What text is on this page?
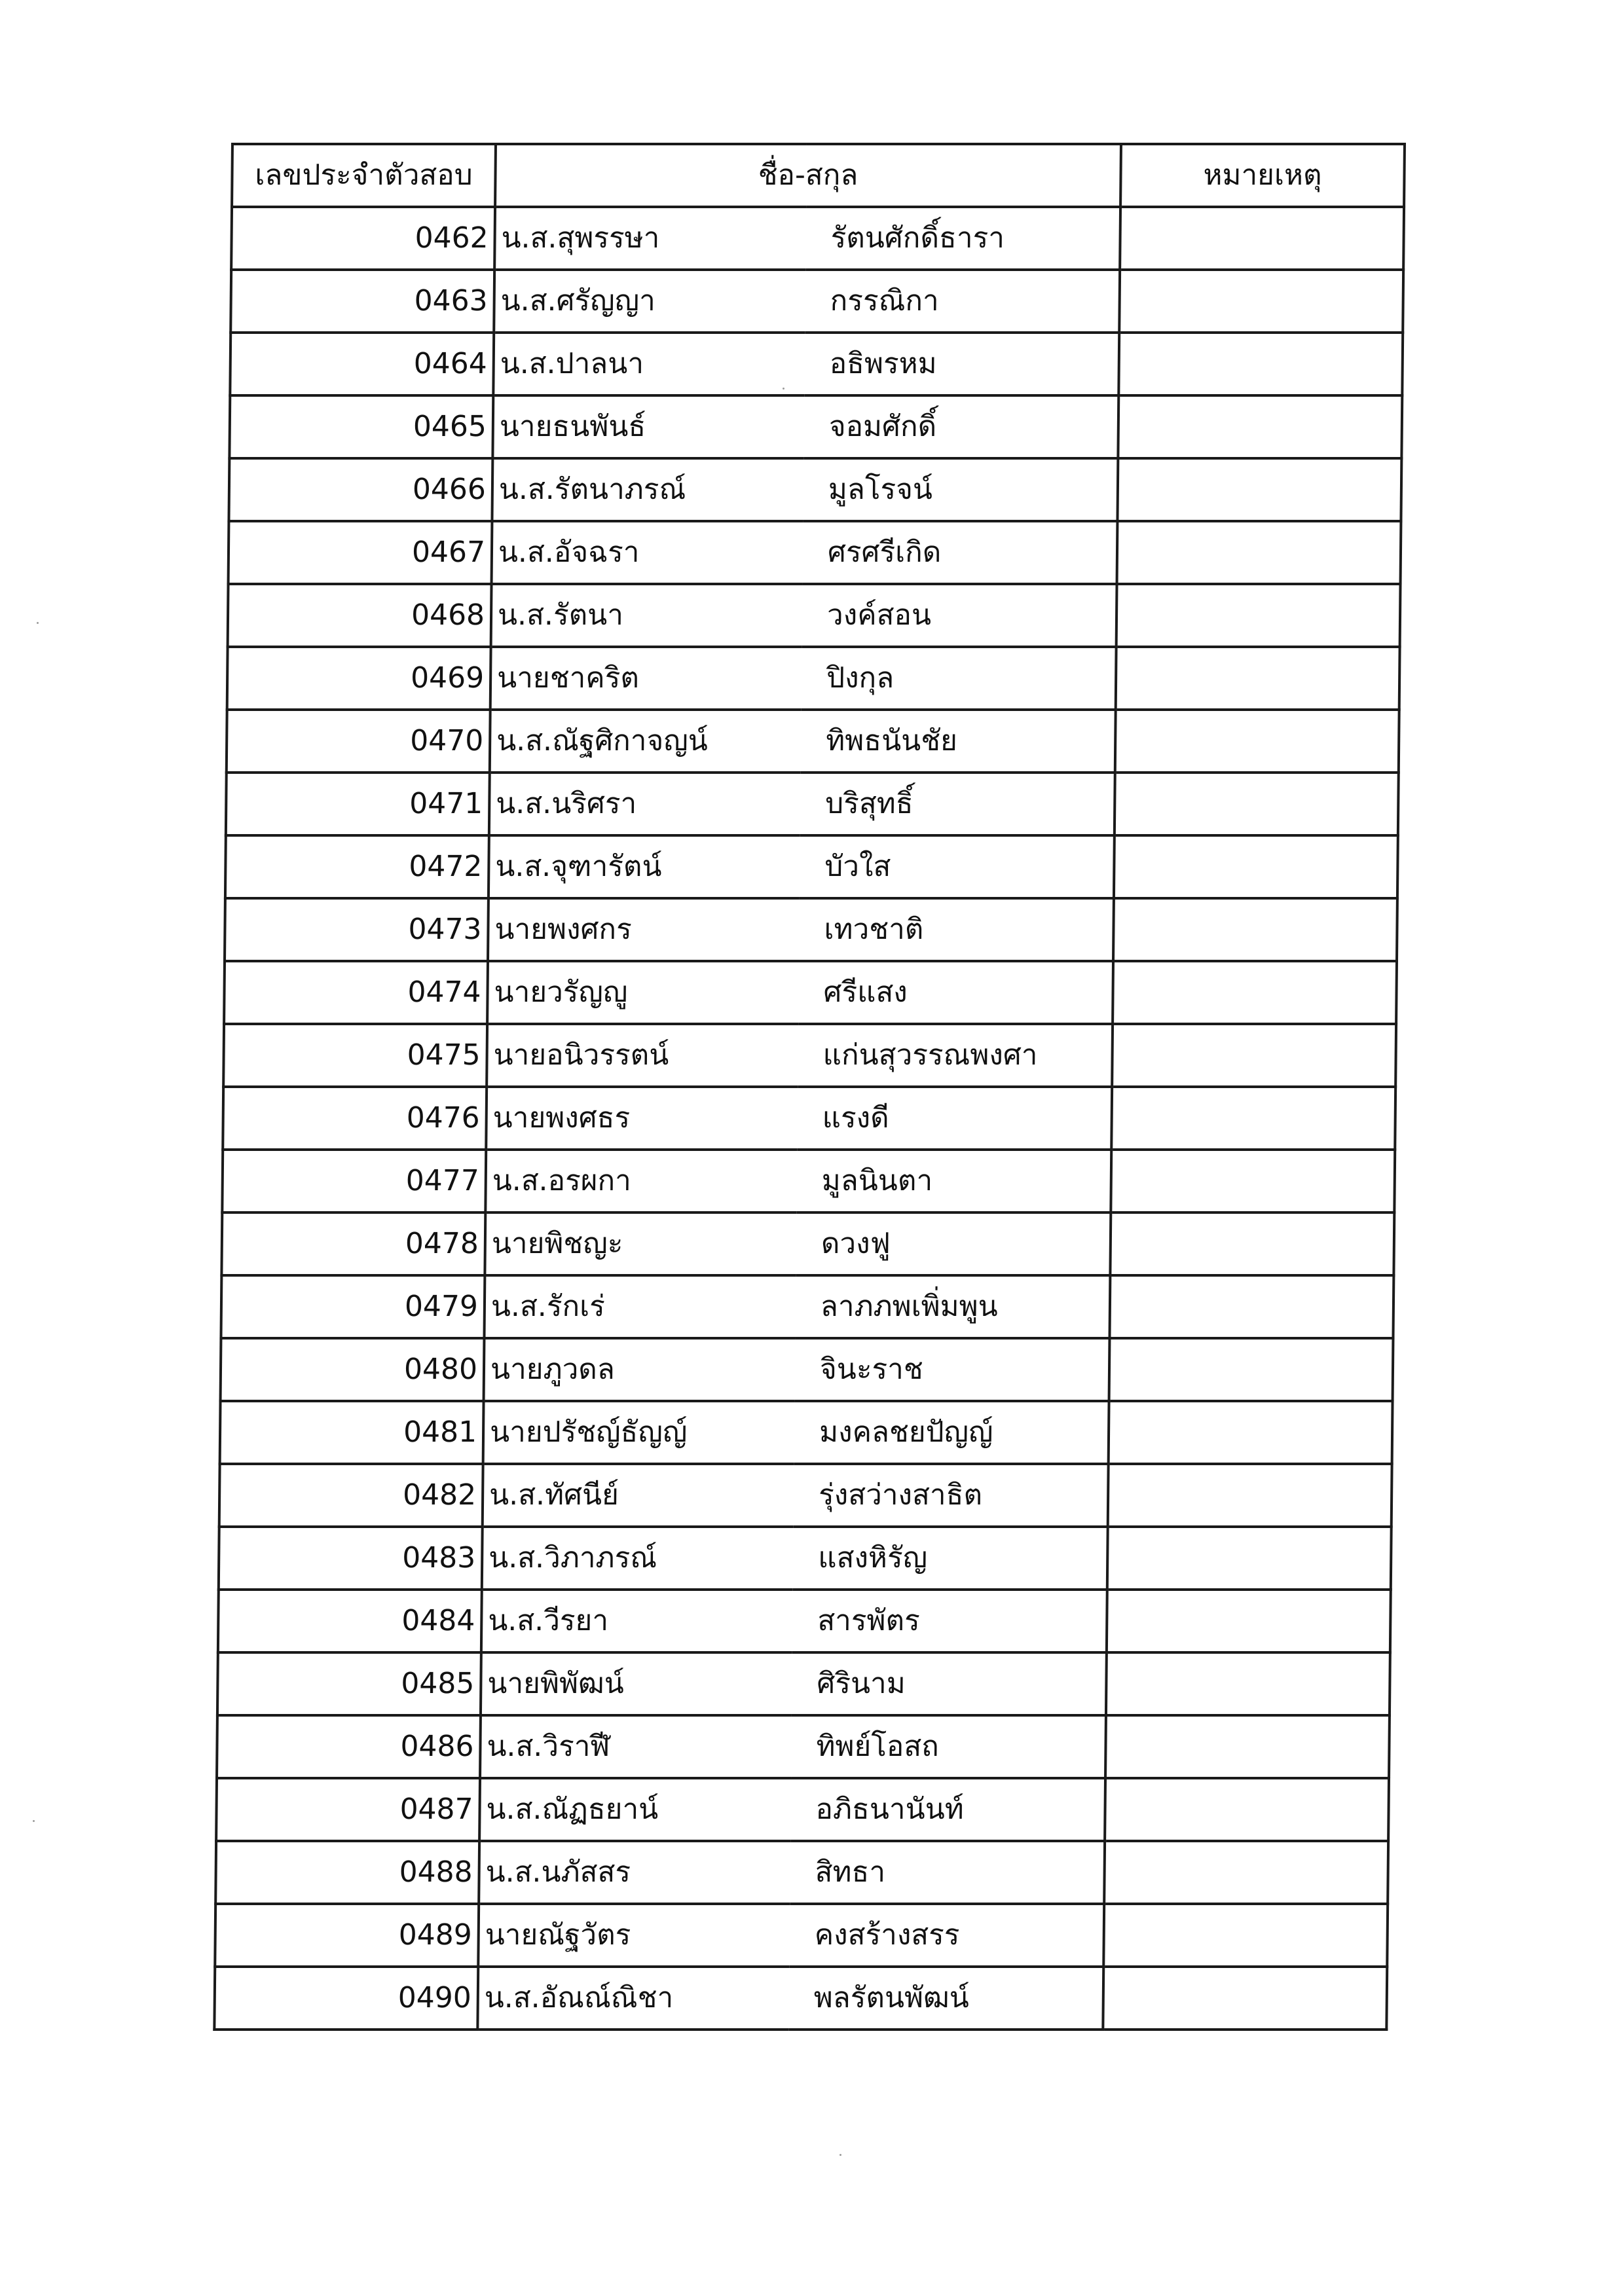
เลขประจำตัวสอบ	ชื่อ-สกุล		หมายเหตุ
0462	น.ส.สุพรรษา	รัตนศักดิ์ธารา	
0463	น.ส.ศรัญญา	กรรณิกา	
0464	น.ส.ปาลนา	อธิพรหม	
0465	นายธนพันธ์	จอมศักดิ์	
0466	น.ส.รัตนาภรณ์	มูลโรจน์	
0467	น.ส.อัจฉรา	ศรศรีเกิด	
0468	น.ส.รัตนา	วงค์สอน	
0469	นายชาคริต	ปิงกุล	
0470	น.ส.ณัฐศิกาจญน์	ทิพธนันชัย	
0471	น.ส.นริศรา	บริสุทธิ์	
0472	น.ส.จุฑารัตน์	บัวใส	
0473	นายพงศกร	เทวชาติ	
0474	นายวรัญญู	ศรีแสง	
0475	นายอนิวรรตน์	แก่นสุวรรณพงศา	
0476	นายพงศธร	แรงดี	
0477	น.ส.อรผกา	มูลนินตา	
0478	นายพิชญะ	ดวงฟู	
0479	น.ส.รักเร่	ลาภภพเพิ่มพูน	
0480	นายภูวดล	จินะราช	
0481	นายปรัชญ์ธัญญ์	มงคลชยปัญญ์	
0482	น.ส.ทัศนีย์	รุ่งสว่างสาธิต	
0483	น.ส.วิภาภรณ์	แสงหิรัญ	
0484	น.ส.วีรยา	สารพัตร	
0485	นายพิพัฒน์	ศิรินาม	
0486	น.ส.วิราฬี	ทิพย์โอสถ	
0487	น.ส.ณัฏธยาน์	อภิธนานันท์	
0488	น.ส.นภัสสร	สิทธา	
0489	นายณัฐวัตร	คงสร้างสรร	
0490	น.ส.อัณณ์ณิชา	พลรัตนพัฒน์	
